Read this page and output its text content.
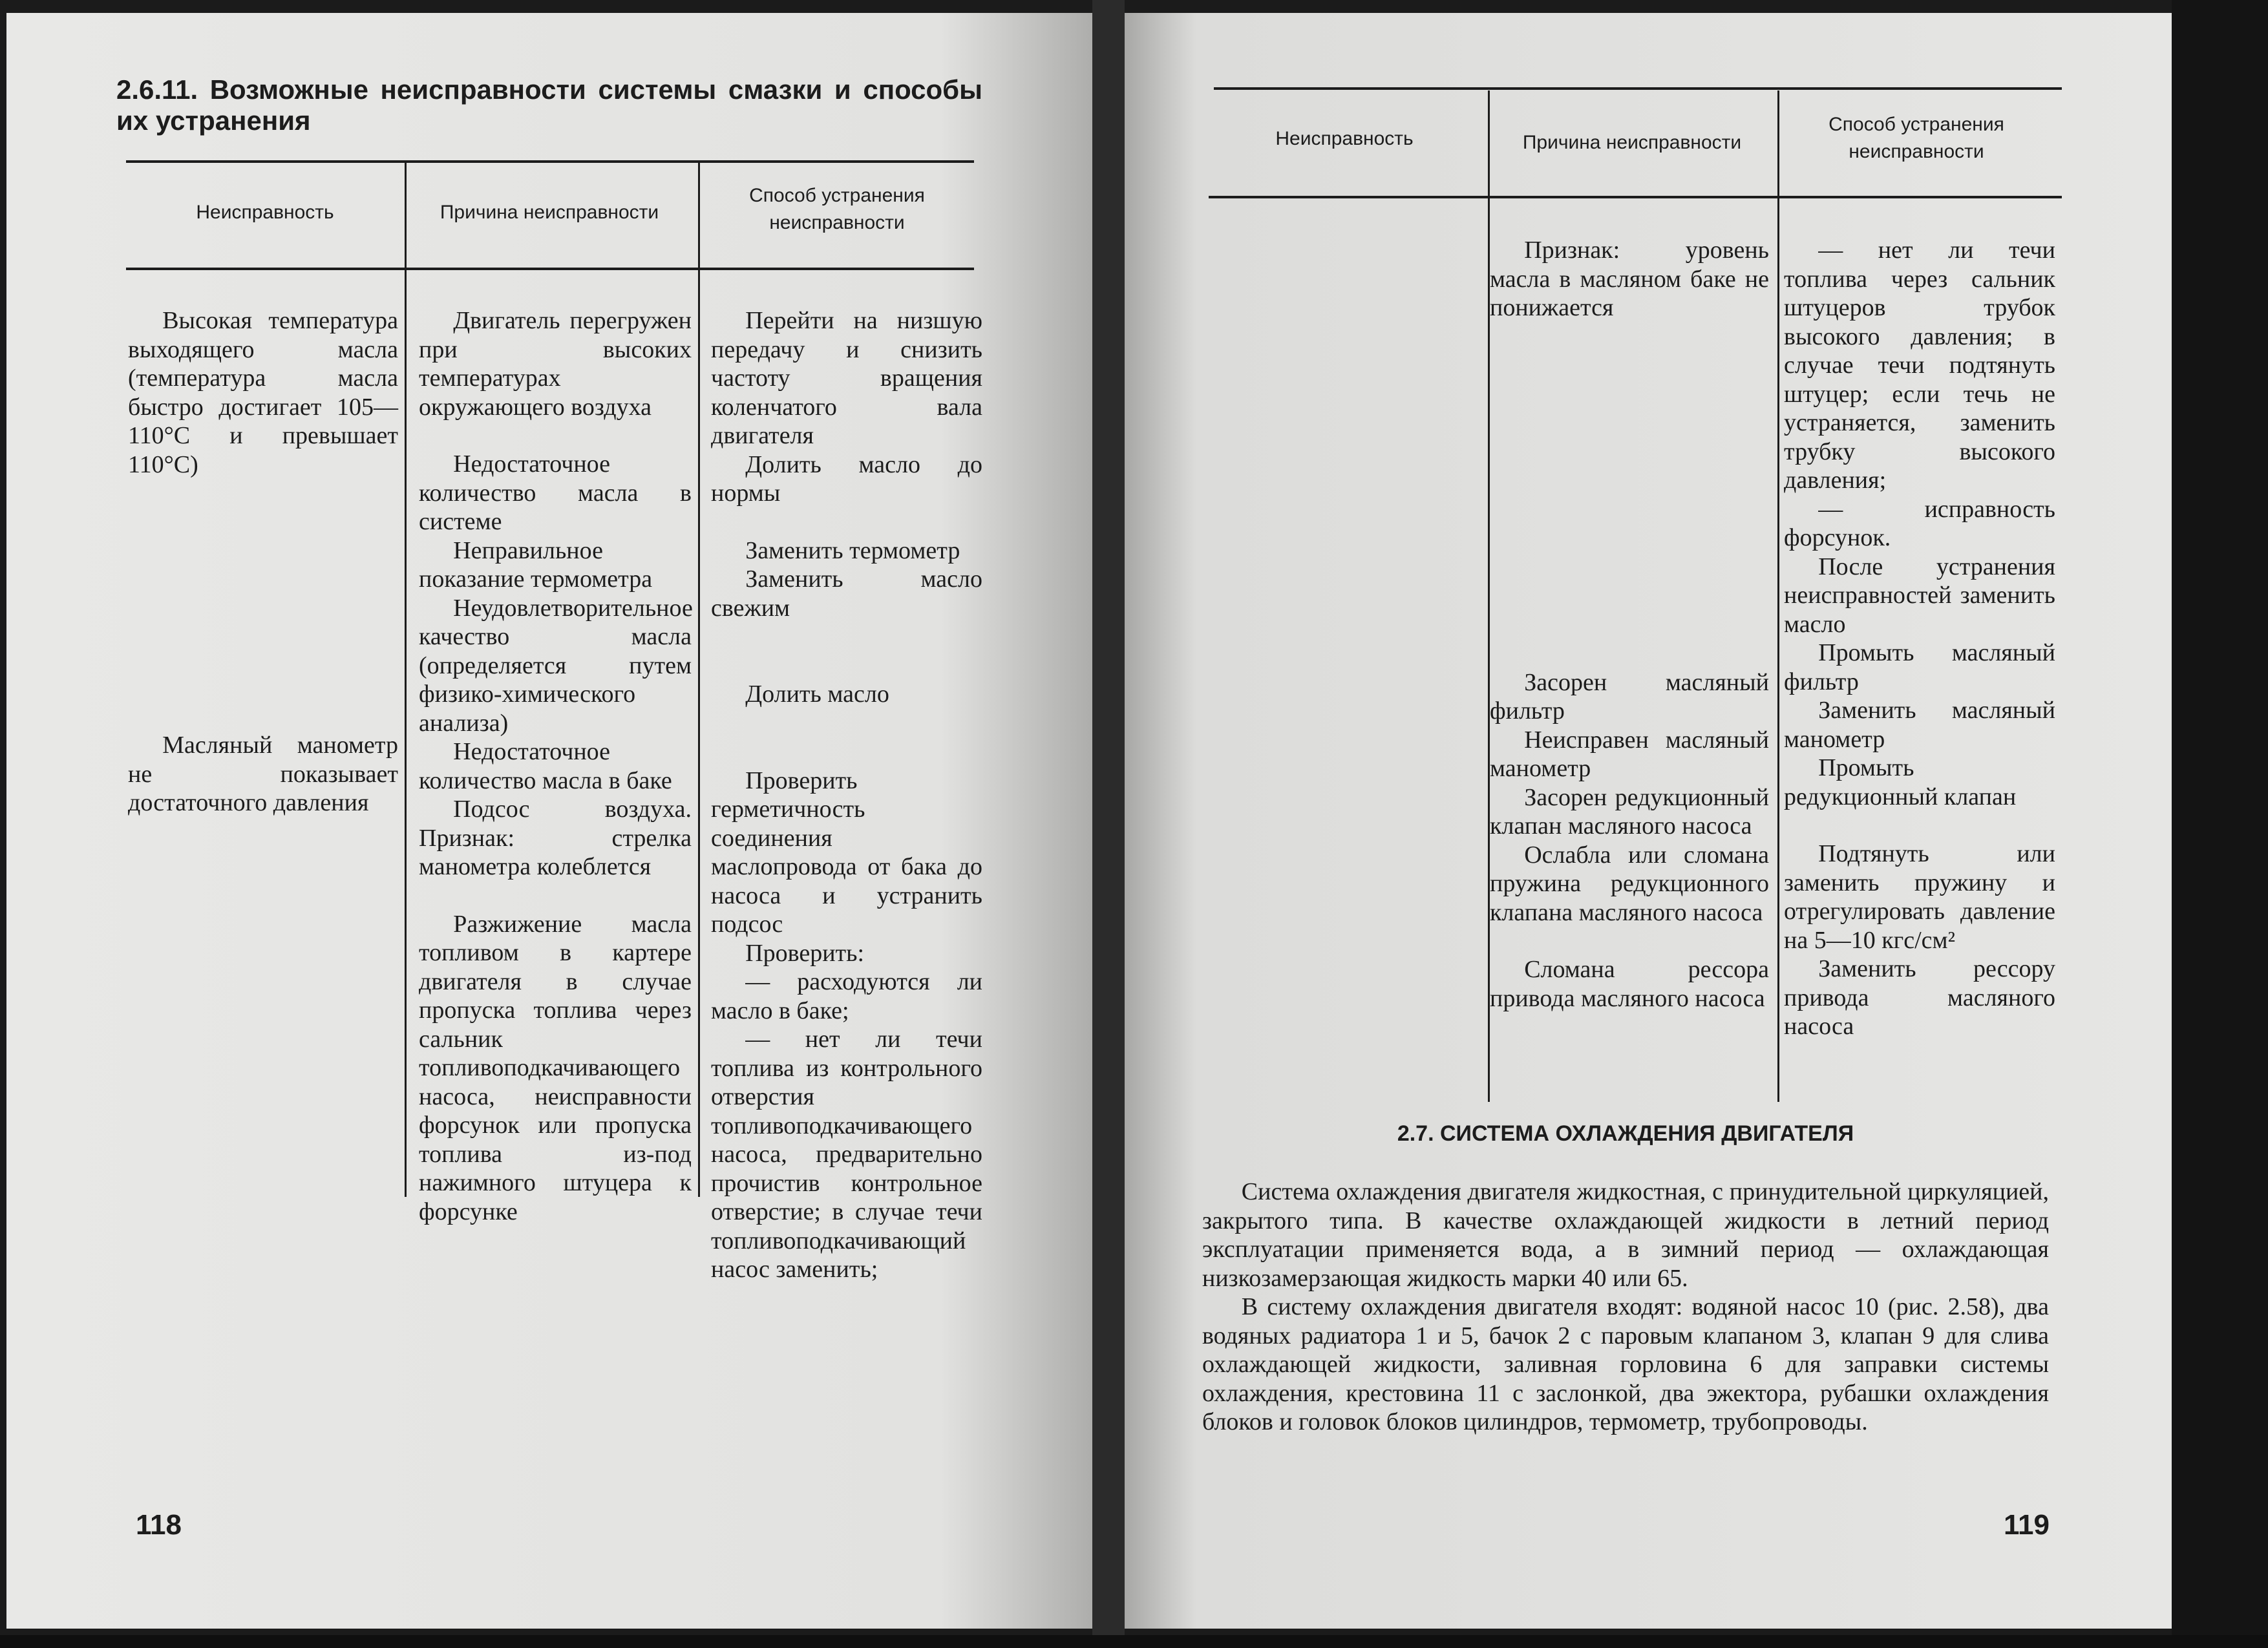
2.6.11. Возможные неисправности системы смазки и способы их устранения
Неисправность	Причина неисправности
Способ устранения неисправности

Высокая температура выходящего масла (температура масла быстро достигает 105—110°С и превышает 110°С)

Масляный манометр не показывает достаточного давления

Двигатель перегружен при высоких температурах окружающего воздуха

Недостаточное количество масла в системе

Неправильное показание термометра

Неудовлетворительное качество масла (определяется путем физико-химического анализа)

Недостаточное количество масла в баке

Подсос воздуха. Признак: стрелка манометра колеблется

Разжижение масла топливом в картере двигателя в случае пропуска топлива через сальник топливоподкачивающего насоса, неисправности форсунок или пропуска топлива из-под нажимного штуцера к форсунке

Перейти на низшую передачу и снизить частоту вращения коленчатого вала двигателя

Долить масло до нормы

Заменить термометр

Заменить масло свежим

Долить масло

Проверить герметичность соединения маслопровода от бака до насоса и устранить подсос

Проверить:

— расходуются ли масло в баке;

— нет ли течи топлива из контрольного отверстия топливоподкачивающего насоса, предварительно прочистив контрольное отверстие; в случае течи топливоподкачивающий насос заменить;

118
Неисправность	Причина неисправности
Способ устранения неисправности

Признак: уровень масла в масляном баке не понижается

Засорен масляный фильтр

Неисправен масляный манометр

Засорен редукционный клапан масляного насоса

Ослабла или сломана пружина редукционного клапана масляного насоса

Сломана рессора привода масляного насоса

— нет ли течи топлива через сальник штуцеров трубок высокого давления; в случае течи подтянуть штуцер; если течь не устраняется, заменить трубку высокого давления;

— исправность форсунок.

После устранения неисправностей заменить масло

Промыть масляный фильтр

Заменить масляный манометр

Промыть редукционный клапан

Подтянуть или заменить пружину и отрегулировать давление на 5—10 кгс/см²

Заменить рессору привода масляного насоса

2.7. СИСТЕМА ОХЛАЖДЕНИЯ ДВИГАТЕЛЯ

Система охлаждения двигателя жидкостная, с принудительной циркуляцией, закрытого типа. В качестве охлаждающей жидкости в летний период эксплуатации применяется вода, а в зимний период — охлаждающая низкозамерзающая жидкость марки 40 или 65.

В систему охлаждения двигателя входят: водяной насос 10 (рис. 2.58), два водяных радиатора 1 и 5, бачок 2 с паровым клапаном 3, клапан 9 для слива охлаждающей жидкости, заливная горловина 6 для заправки системы охлаждения, крестовина 11 с заслонкой, два эжектора, рубашки охлаждения блоков и головок блоков цилиндров, термометр, трубопроводы.

119
